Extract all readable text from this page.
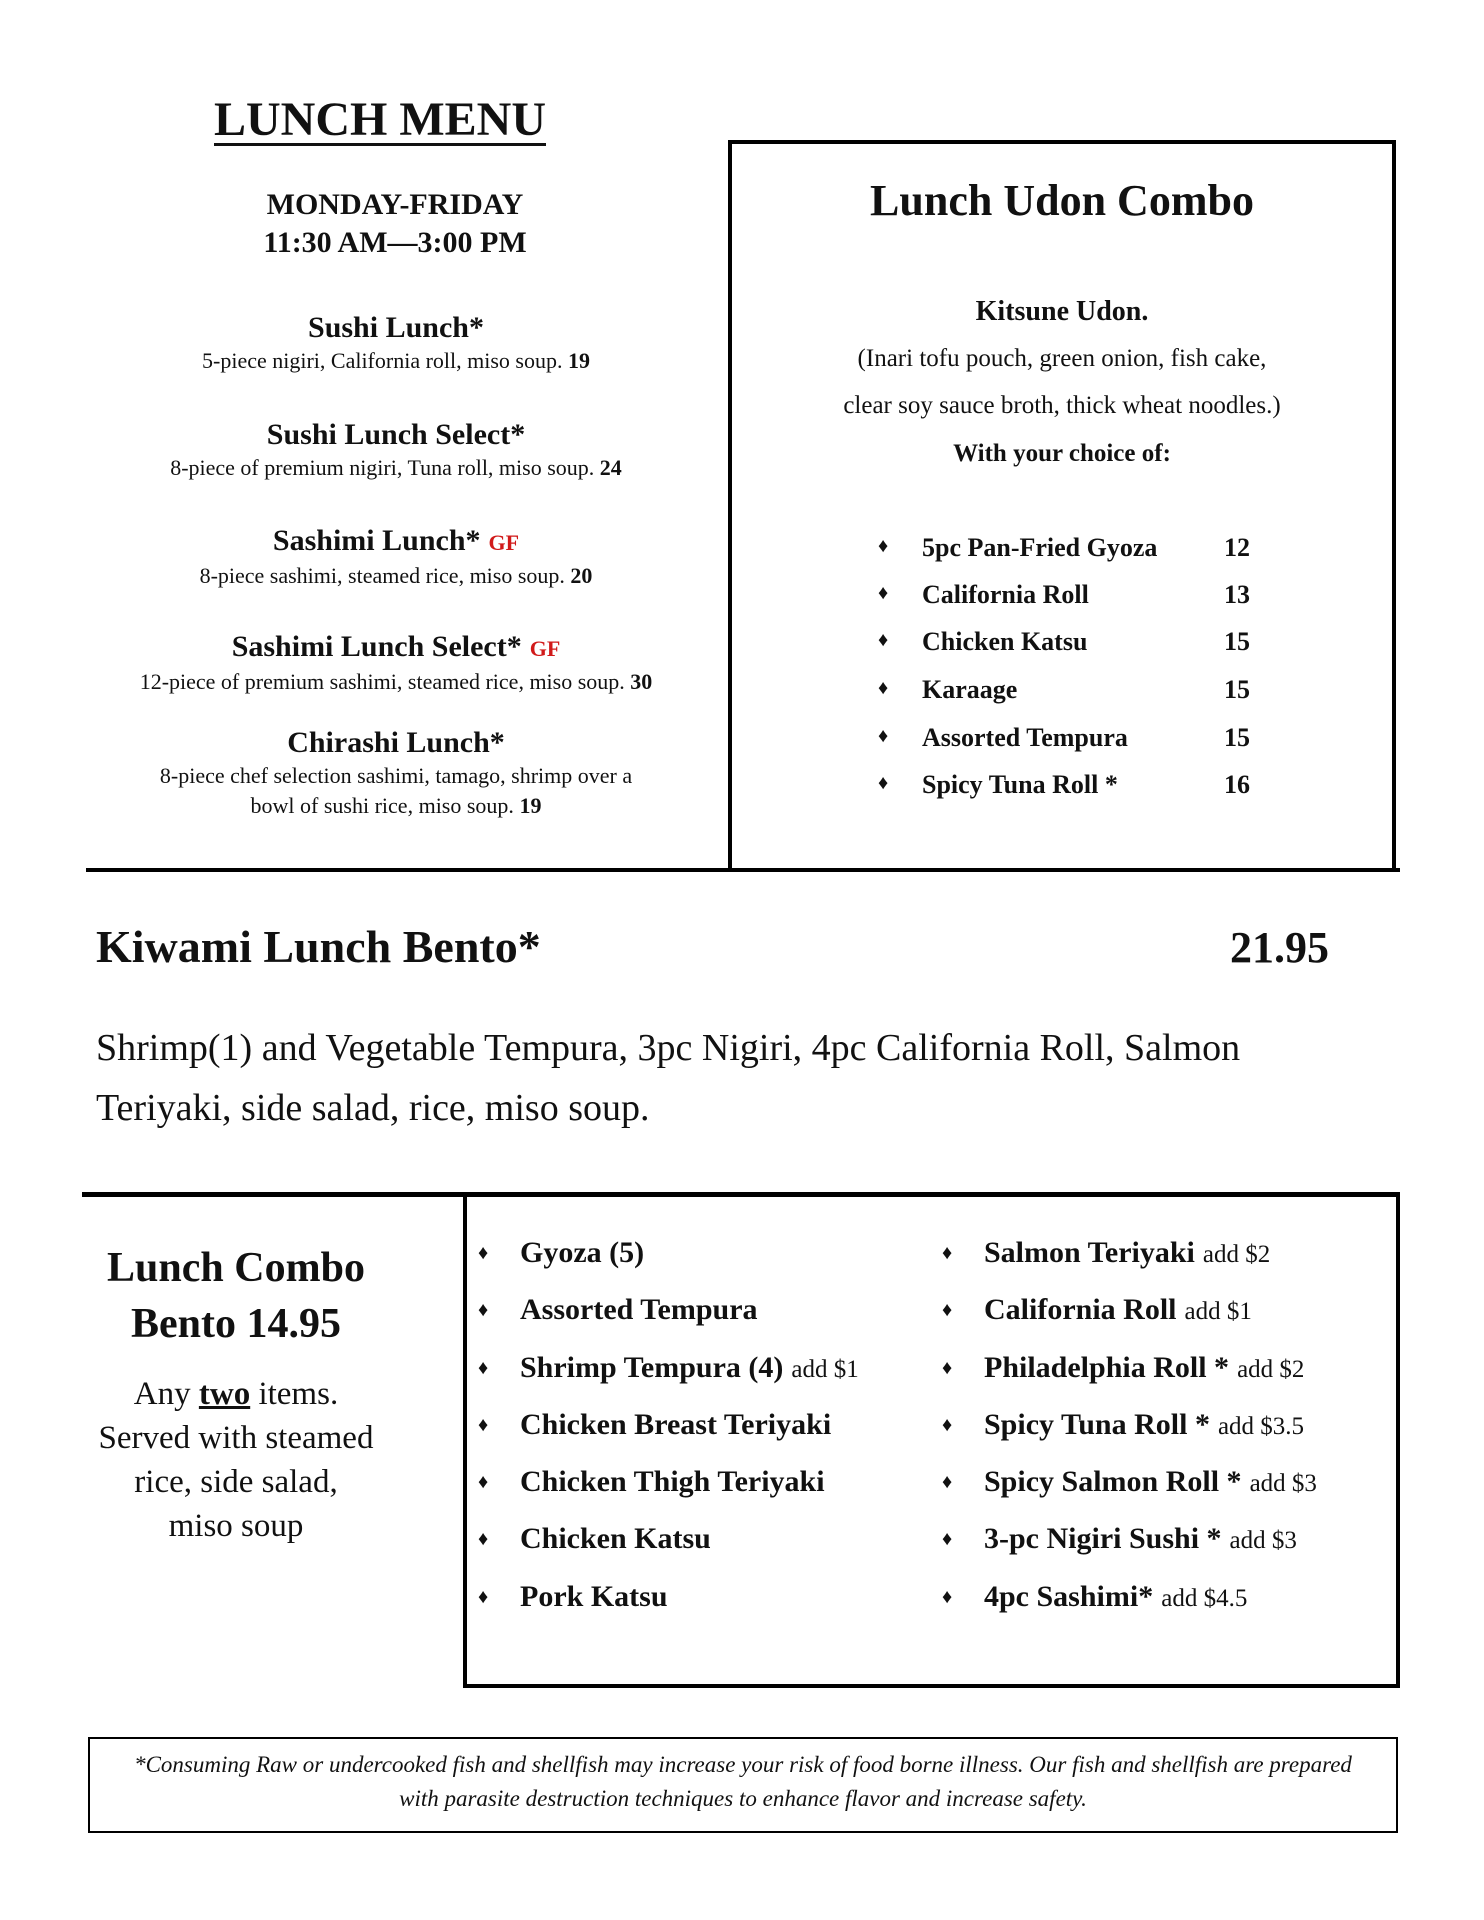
LUNCH MENU
MONDAY-FRIDAY
11:30 AM—3:00 PM
Sushi Lunch*
5-piece nigiri, California roll, miso soup. 19
Sushi Lunch Select*
8-piece of premium nigiri, Tuna roll, miso soup. 24
Sashimi Lunch* GF
8-piece sashimi, steamed rice, miso soup. 20
Sashimi Lunch Select* GF
12-piece of premium sashimi, steamed rice, miso soup. 30
Chirashi Lunch*
8-piece chef selection sashimi, tamago, shrimp over a
bowl of sushi rice, miso soup. 19
Lunch Udon Combo
Kitsune Udon.
(Inari tofu pouch, green onion, fish cake,
clear soy sauce broth, thick wheat noodles.)
With your choice of:
♦ 5pc Pan-Fried Gyoza	12
♦ California Roll	13
♦ Chicken Katsu	15
♦ Karaage	15
♦ Assorted Tempura	15
♦ Spicy Tuna Roll *	16
Kiwami Lunch Bento*	21.95
Shrimp(1) and Vegetable Tempura, 3pc Nigiri, 4pc California Roll, Salmon
Teriyaki, side salad, rice, miso soup.
Lunch Combo
Bento 14.95
Any two items.
Served with steamed
rice, side salad,
miso soup
♦ Gyoza (5)
♦ Assorted Tempura
♦ Shrimp Tempura (4) add $1
♦ Chicken Breast Teriyaki
♦ Chicken Thigh Teriyaki
♦ Chicken Katsu
♦ Pork Katsu
♦ Salmon Teriyaki add $2
♦ California Roll add $1
♦ Philadelphia Roll * add $2
♦ Spicy Tuna Roll * add $3.5
♦ Spicy Salmon Roll * add $3
♦ 3-pc Nigiri Sushi * add $3
♦ 4pc Sashimi* add $4.5
*Consuming Raw or undercooked fish and shellfish may increase your risk of food borne illness. Our fish and shellfish are prepared
with parasite destruction techniques to enhance flavor and increase safety.
